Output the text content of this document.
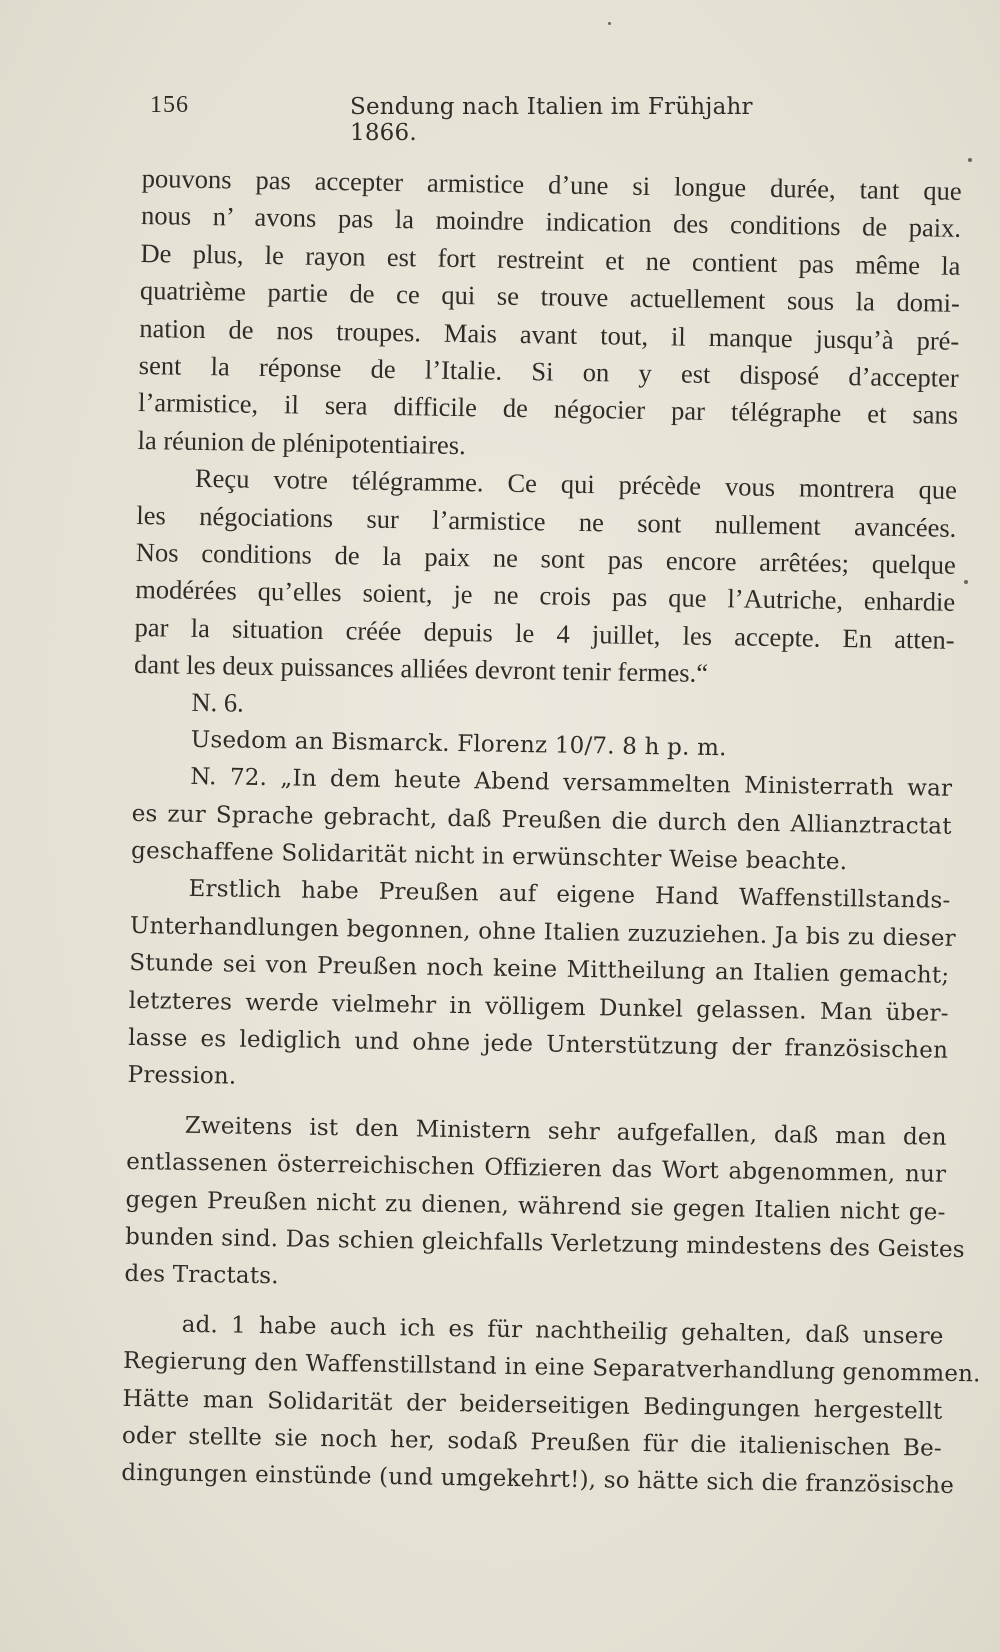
156	Sendung nach Italien im Frühjahr 1866.
pouvons pas accepter armistice d’une si longue durée, tant que
nous n’ avons pas la moindre indication des conditions de paix.
De plus, le rayon est fort restreint et ne contient pas même la
quatrième partie de ce qui se trouve actuellement sous la domi-
nation de nos troupes. Mais avant tout, il manque jusqu’à pré-
sent la réponse de l’Italie. Si on y est disposé d’accepter
l’armistice, il sera difficile de négocier par télégraphe et sans
la réunion de plénipotentiaires.
Reçu votre télégramme. Ce qui précède vous montrera que
les négociations sur l’armistice ne sont nullement avancées.
Nos conditions de la paix ne sont pas encore arrêtées; quelque
modérées qu’elles soient, je ne crois pas que l’Autriche, enhardie
par la situation créée depuis le 4 juillet, les accepte. En atten-
dant les deux puissances alliées devront tenir fermes.“
N. 6.
Usedom an Bismarck. Florenz 10/7. 8 h p. m.
N. 72. „In dem heute Abend versammelten Ministerrath war
es zur Sprache gebracht, daß Preußen die durch den Allianztractat
geschaffene Solidarität nicht in erwünschter Weise beachte.
Erstlich habe Preußen auf eigene Hand Waffenstillstands-
Unterhandlungen begonnen, ohne Italien zuzuziehen. Ja bis zu dieser
Stunde sei von Preußen noch keine Mittheilung an Italien gemacht;
letzteres werde vielmehr in völligem Dunkel gelassen. Man über-
lasse es lediglich und ohne jede Unterstützung der französischen
Pression.
Zweitens ist den Ministern sehr aufgefallen, daß man den
entlassenen österreichischen Offizieren das Wort abgenommen, nur
gegen Preußen nicht zu dienen, während sie gegen Italien nicht ge-
bunden sind. Das schien gleichfalls Verletzung mindestens des Geistes
des Tractats.
ad. 1 habe auch ich es für nachtheilig gehalten, daß unsere
Regierung den Waffenstillstand in eine Separatverhandlung genommen.
Hätte man Solidarität der beiderseitigen Bedingungen hergestellt
oder stellte sie noch her, sodaß Preußen für die italienischen Be-
dingungen einstünde (und umgekehrt!), so hätte sich die französische
